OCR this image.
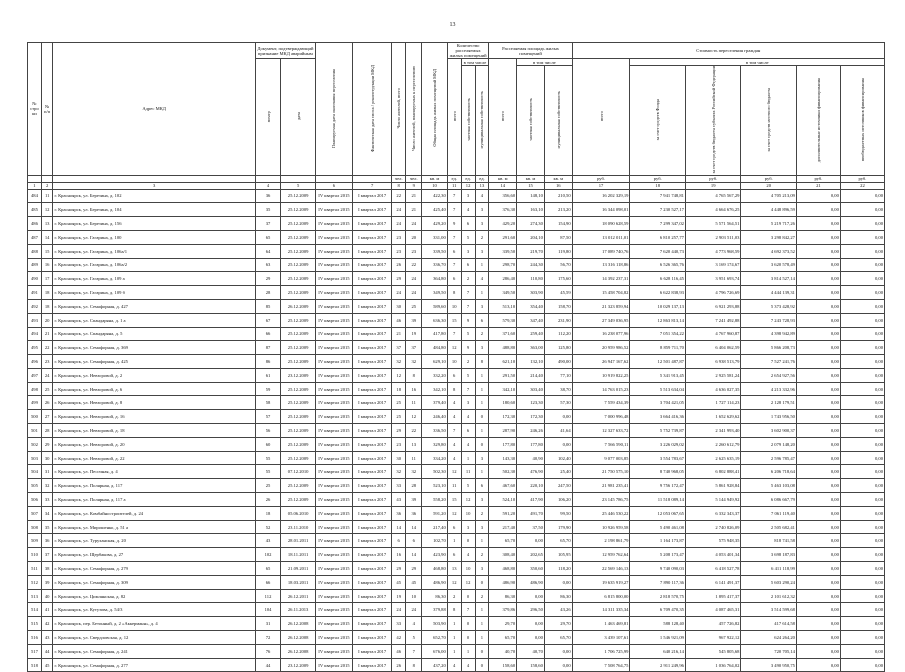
13
№ стро ки	№ п/п	Адрес МКД	Документ, подтверждающий признание МКД аварийным		Планируемая дата окончания переселения	Фактическая дата сноса / реконструкции МКД	Число жителей, всего	Число жителей, планируемых к переселению	Общая площадь жилых помещений МКД	Количество расселяемых жилых помещений			Расселяемая площадь жилых помещений			Стоимость переселения граждан					
			номер	дата						всего	в том числе		всего	в том числе		всего	в том числе				
											частная собственность	муниципальная собственность		частная собственность	муниципальная собственность		за счет средств Фонда	за счет средств бюджета субъекта Российской Федерации	за счет средств местного бюджета	дополнительные источники финансирования	внебюджетных источников финансирования
							чел.	чел.	кв. м	ед.	ед.	ед.	кв. м	кв. м	кв. м	руб.	руб.	руб.	руб.	руб.	руб.
1	2	3	4	5	6	7	8	9	10	11	12	13	14	15	16	17	18	19	20	21	22
484	11	г. Красноярск, ул. Березина, д. 102	36	25.12.2009	IV квартал 2015	I квартал 2017	22	21	422,30	7	3	4	356,60	148,10	210,50	16 202 329,19	7 941 748,81	4 765 567,29	4 705 213,09	0,00	0,00
485	12	г. Красноярск, ул. Березина, д. 104	35	25.12.2009	IV квартал 2015	I квартал 2017	24	21	425,40	7	4	3	376,30	163,10	213,20	16 344 098,01	7 230 527,17	4 664 676,25	4 448 896,59	0,00	0,00
486	13	г. Красноярск, ул. Березина, д. 156	37	25.12.2009	IV квартал 2015	I квартал 2017	24	24	429,20	9	6	3	429,20	274,30	154,90	18 090 628,59	7 299 347,02	5 571 564,51	5 219 717,26	0,00	0,00
487	14	г. Красноярск, ул. Гагарина, д. 100	65	25.12.2009	IV квартал 2015	I квартал 2017	23	20	331,00	7	5	2	291,60	204,10	87,50	13 012 011,01	6 810 257,77	2 903 511,03	3 298 842,27	0,00	0,00
488	15	г. Красноярск, ул. Гагарина, д. 106а/1	64	25.12.2009	IV квартал 2015	I квартал 2017	23	23	339,50	6	3	3	339,50	219,70	119,80	17 089 740,76	7 620 440,73	4 773 968,59	4 692 373,52	0,00	0,00
489	16	г. Красноярск, ул. Гагарина, д. 106а/2	63	25.12.2009	IV квартал 2015	I квартал 2017	26	22	336,70	7	6	1	298,70	244,30	56,70	13 316 118,86	6 526 365,76	3 169 174,67	3 620 578,49	0,00	0,00
490	17	г. Красноярск, ул. Гагарина, д. 109 а	29	25.12.2009	IV квартал 2015	I квартал 2017	29	24	364,80	6	2	4	286,40	110,80	175,60	14 392 237,31	6 628 116,45	3 951 693,74	3 814 527,14	0,00	0,00
491	18	г. Красноярск, ул. Гагарина, д. 109 б	28	25.12.2009	IV квартал 2015	I квартал 2017	24	24	349,50	8	7	1	349,50	303,90	45,59	15 458 704,82	6 622 838,93	4 796 726,69	4 444 139,31	0,00	0,00
492	18	г. Красноярск, ул. Семафорная, д. 427	85	26.12.2009	IV квартал 2015	I квартал 2017	30	25	589,60	10	7	3	513,10	354,40	158,70	21 323 859,94	10 029 137,13	6 921 293,88	5 373 428,92	0,00	0,00
493	20	г. Красноярск, ул. Спандаряна, д. 1 а	67	25.12.2009	IV квартал 2015	I квартал 2017	46	39	636,30	15	9	6	579,30	347,40	231,90	27 349 036,95	12 863 813,14	7 241 492,88	7 243 728,93	0,00	0,00
494	21	г. Красноярск, ул. Спандаряна, д. 5	66	25.12.2009	IV квартал 2015	I квартал 2017	21	19	417,80	7	5	2	371,60	259,40	112,20	16 238 077,96	7 051 354,22	4 767 960,87	4 398 942,89	0,00	0,00
495	22	г. Красноярск, ул. Семафорная, д. 369	87	25.12.2009	IV квартал 2015	I квартал 2017	37	37	484,80	12	9	3	488,80	363,00	125,80	20 959 986,52	8 859 711,70	6 404 062,59	5 866 208,73	0,00	0,00
496	23	г. Красноярск, ул. Семафорная, д. 425	86	25.12.2009	IV квартал 2015	I квартал 2017	32	32	629,10	10	2	8	621,10	132,10	490,00	26 947 167,62	12 501 487,87	6 938 513,79	7 527 241,76	0,00	0,00
497	24	г. Красноярск, ул. Невзоровой, д. 2	61	23.12.2009	IV квартал 2015	I квартал 2017	12	8	332,20	6	5	1	291,50	214,40	77,10	10 919 822,25	5 341 913,45	2 925 581,24	2 654 927,56	0,00	0,00
498	25	г. Красноярск, ул. Невзоровой, д. 6	59	25.12.2009	IV квартал 2015	I квартал 2017	18	16	342,10	8	7	1	342,10	303,40	38,70	14 763 015,23	5 513 634,04	4 636 027,35	4 213 332,96	0,00	0,00
499	26	г. Красноярск, ул. Невзоровой, д. 8	58	25.12.2009	IV квартал 2015	I квартал 2017	25	11	379,40	4	3	1	180,60	123,30	57,30	7 559 434,39	3 704 421,05	1 727 114,23	2 128 179,51	0,00	0,00
500	27	г. Красноярск, ул. Невзоровой, д. 16	57	25.12.2009	IV квартал 2015	I квартал 2017	25	12	246,40	4	4	0	172,30	172,30	0,00	7 000 996,48	3 664 416,36	1 652 629,62	1 743 956,50	0,00	0,00
501	28	г. Красноярск, ул. Невзоровой, д. 18	56	25.12.2009	IV квартал 2015	I квартал 2017	29	22	336,50	7	6	1	287,90	246,26	41,64	12 327 633,72	5 752 739,87	2 341 993,40	3 602 900,37	0,00	0,00
502	29	г. Красноярск, ул. Невзоровой, д. 20	60	25.12.2009	IV квартал 2015	I квартал 2017	23	13	329,80	4	4	0	177,80	177,80	0,00	7 566 590,11	3 226 029,02	2 260 612,79	2 079 148,20	0,00	0,00
503	30	г. Красноярск, ул. Невзоровой, д. 22	55	25.12.2009	IV квартал 2015	I квартал 2017	30	11	334,20	4	1	3	143,30	40,90	102,40	9 077 003,85	3 554 783,67	2 625 635,19	2 596 785,47	0,00	0,00
504	31	г. Красноярск, ул. Песочная, д. 4	55	07.12.2010	IV квартал 2015	I квартал 2017	32	32	502,30	12	11	1	502,30	476,90	25,40	21 750 575,10	8 740 968,05	6 802 888,41	6 206 718,64	0,00	0,00
505	32	г. Красноярск, ул. Полярная, д. 117	25	25.12.2009	IV квартал 2015	I квартал 2017	33	28	523,10	11	5	6	467,60	220,10	247,50	21 981 235,41	9 756 172,47	5 861 928,84	5 463 103,08	0,00	0,00
506	33	г. Красноярск, ул. Полярная, д. 117 а	26	25.12.2009	IV квартал 2015	I квартал 2017	43	39	558,20	15	12	3	524,10	417,90	106,20	23 145 786,75	11 518 089,14	5 144 949,92	6 086 667,79	0,00	0,00
507	34	г. Красноярск, ул. Комбайностроителей, д. 24	18	05.06.2010	IV квартал 2015	I квартал 2017	36	36	591,20	12	10	2	591,20	491,70	99,50	25 446 530,22	12 053 067,65	6 332 343,37	7 061 119,40	0,00	0,00
508	35	г. Красноярск, ул. Мирошенко, д. 51 а	52	23.11.2010	IV квартал 2015	I квартал 2017	14	14	217,40	6	3	3	217,40	37,50	179,90	10 926 959,58	5 490 461,08	2 740 826,09	2 505 682,41	0,00	0,00
509	36	г. Красноярск, ул. Туруханская, д. 20	43	28.01.2011	IV квартал 2015	I квартал 2017	6	6	102,70	1	0	1	65,70	0,00	65,70	2 198 861,79	1 164 173,87	575 948,35	818 741,58	0,00	0,00
510	37	г. Красноярск, ул. Щербакова, д. 27	102	18.11.2011	IV квартал 2015	I квартал 2017	16	14	423,90	6	4	2	308,40	202,65	105,95	12 959 762,64	5 208 173,47	4 053 401,34	3 698 187,83	0,00	0,00
511	38	г. Красноярск, ул. Семафорная, д. 279	65	21.09.2011	IV квартал 2015	I квартал 2017	29	29	468,80	13	10	3	468,80	350,60	118,20	22 569 146,13	9 740 090,03	6 418 527,78	6 411 118,99	0,00	0,00
512	39	г. Красноярск, ул. Семафорная, д. 309	66	18.03.2011	IV квартал 2015	I квартал 2017	45	45	486,90	12	12	0	486,90	486,90	0,00	19 635 919,27	7 890 117,36	6 141 491,37	5 603 290,24	0,00	0,00
513	40	г. Красноярск, ул. Цимлянская, д. 82	112	26.12.2011	IV квартал 2015	I квартал 2017	19	10	86,30	2	0	2	86,30	0,00	86,30	6 815 800,00	2 818 570,75	1 895 417,37	2 101 612,32	0,00	0,00
514	41	г. Красноярск, ул. Кутузова, д. 54/3	104	26.11.2013	IV квартал 2015	I квартал 2017	24	24	379,88	8	7	1	379,86	296,50	43,26	14 311 335,34	6 709 470,35	4 087 465,31	3 514 599,68	0,00	0,00
515	42	г. Красноярск, пер. Бетонный, д. 2 «Аккерманн», д. 4	31	26.12.2008	IV квартал 2015	I квартал 2017	33	4	503,90	1	0	1	29,70	0,00	29,70	1 463 469,81	588 128,40	457 726,82	417 614,58	0,00	0,00
516	43	г. Красноярск, ул. Свердловская, д. 12	72	26.12.2008	IV квартал 2015	I квартал 2017	42	5	652,70	1	0	1	65,70	0,00	65,70	3 439 107,61	1 546 921,09	967 922,12	624 264,20	0,00	0,00
517	44	г. Красноярск, ул. Семафорная, д. 241	76	26.12.2008	IV квартал 2015	I квартал 2017	46	7	676,00	1	1	0	40,70	40,70	0,00	1 706 725,99	640 216,14	545 805,68	720 705,14	0,00	0,00
518	45	г. Красноярск, ул. Семафорная, д. 277	44	23.12.2009	IV квартал 2015	I квартал 2017	26	8	437,20	4	4	0	158,60	158,60	0,00	7 508 764,75	2 911 249,96	1 036 764,02	3 490 950,75	0,00	0,00
